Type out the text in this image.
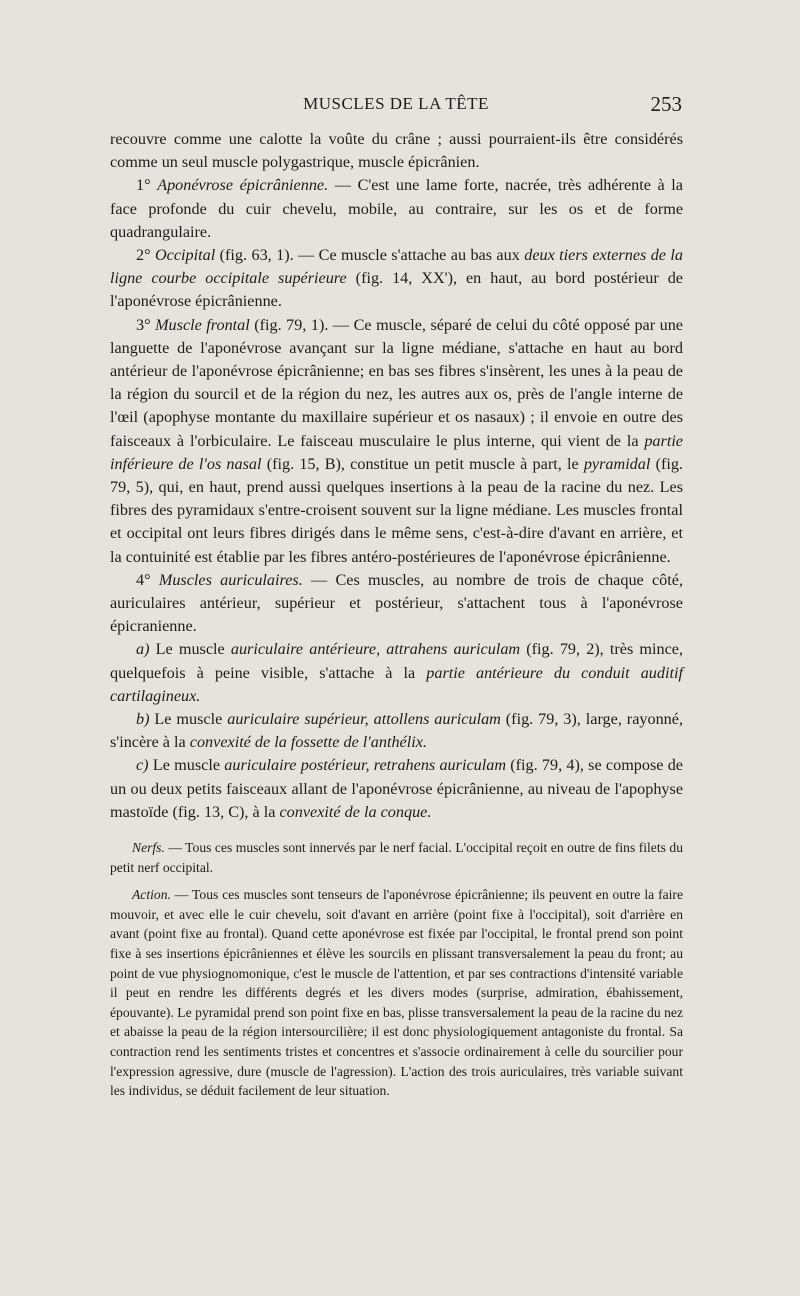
MUSCLES DE LA TÊTE	253

recouvre comme une calotte la voûte du crâne ; aussi pourraient-ils être considérés comme un seul muscle polygastrique, muscle épicrânien.

1° Aponévrose épicrânienne. — C'est une lame forte, nacrée, très adhérente à la face profonde du cuir chevelu, mobile, au contraire, sur les os et de forme quadrangulaire.

2° Occipital (fig. 63, 1). — Ce muscle s'attache au bas aux deux tiers externes de la ligne courbe occipitale supérieure (fig. 14, XX'), en haut, au bord postérieur de l'aponévrose épicrânienne.

3° Muscle frontal (fig. 79, 1). — Ce muscle, séparé de celui du côté opposé par une languette de l'aponévrose avançant sur la ligne médiane, s'attache en haut au bord antérieur de l'aponévrose épicrânienne; en bas ses fibres s'insèrent, les unes à la peau de la région du sourcil et de la région du nez, les autres aux os, près de l'angle interne de l'œil (apophyse montante du maxillaire supérieur et os nasaux) ; il envoie en outre des faisceaux à l'orbiculaire. Le faisceau musculaire le plus interne, qui vient de la partie inférieure de l'os nasal (fig. 15, B), constitue un petit muscle à part, le pyramidal (fig. 79, 5), qui, en haut, prend aussi quelques insertions à la peau de la racine du nez. Les fibres des pyramidaux s'entre-croisent souvent sur la ligne médiane. Les muscles frontal et occipital ont leurs fibres dirigés dans le même sens, c'est-à-dire d'avant en arrière, et la contuinité est établie par les fibres antéro-postérieures de l'aponévrose épicrânienne.

4° Muscles auriculaires. — Ces muscles, au nombre de trois de chaque côté, auriculaires antérieur, supérieur et postérieur, s'attachent tous à l'aponévrose épicranienne.

a) Le muscle auriculaire antérieure, attrahens auriculam (fig. 79, 2), très mince, quelquefois à peine visible, s'attache à la partie antérieure du conduit auditif cartilagineux.

b) Le muscle auriculaire supérieur, attollens auriculam (fig. 79, 3), large, rayonné, s'incère à la convexité de la fossette de l'anthélix.

c) Le muscle auriculaire postérieur, retrahens auriculam (fig. 79, 4), se compose de un ou deux petits faisceaux allant de l'aponévrose épicrânienne, au niveau de l'apophyse mastoïde (fig. 13, C), à la convexité de la conque.

Nerfs. — Tous ces muscles sont innervés par le nerf facial. L'occipital reçoit en outre de fins filets du petit nerf occipital.

Action. — Tous ces muscles sont tenseurs de l'aponévrose épicrânienne; ils peuvent en outre la faire mouvoir, et avec elle le cuir chevelu, soit d'avant en arrière (point fixe à l'occipital), soit d'arrière en avant (point fixe au frontal). Quand cette aponévrose est fixée par l'occipital, le frontal prend son point fixe à ses insertions épicrâniennes et élève les sourcils en plissant transversalement la peau du front; au point de vue physiognomonique, c'est le muscle de l'attention, et par ses contractions d'intensité variable il peut en rendre les différents degrés et les divers modes (surprise, admiration, ébahissement, épouvante). Le pyramidal prend son point fixe en bas, plisse transversalement la peau de la racine du nez et abaisse la peau de la région intersourcilière; il est donc physiologiquement antagoniste du frontal. Sa contraction rend les sentiments tristes et concentres et s'associe ordinairement à celle du sourcilier pour l'expression agressive, dure (muscle de l'agression). L'action des trois auriculaires, très variable suivant les individus, se déduit facilement de leur situation.
